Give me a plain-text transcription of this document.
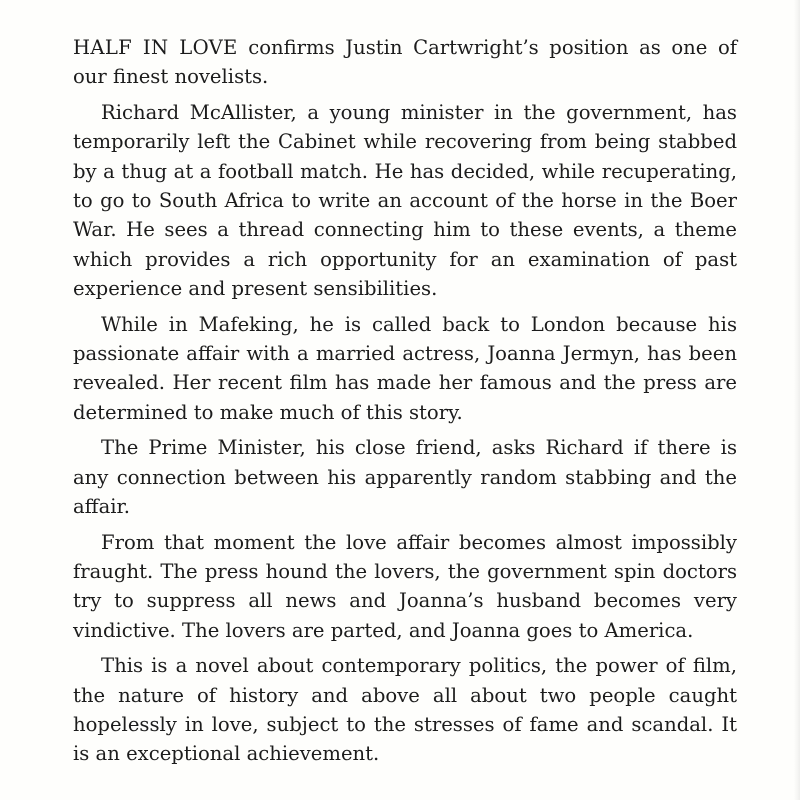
HALF IN LOVE confirms Justin Cartwright’s position as one of our finest novelists.

Richard McAllister, a young minister in the government, has temporarily left the Cabinet while recovering from being stabbed by a thug at a football match. He has decided, while recuperating, to go to South Africa to write an account of the horse in the Boer War. He sees a thread connecting him to these events, a theme which provides a rich opportunity for an examination of past experience and present sensibilities.

While in Mafeking, he is called back to London because his passionate affair with a married actress, Joanna Jermyn, has been revealed. Her recent film has made her famous and the press are determined to make much of this story.

The Prime Minister, his close friend, asks Richard if there is any connection between his apparently random stabbing and the affair.

From that moment the love affair becomes almost impossibly fraught. The press hound the lovers, the government spin doctors try to suppress all news and Joanna’s husband becomes very vindictive. The lovers are parted, and Joanna goes to America.

This is a novel about contemporary politics, the power of film, the nature of history and above all about two people caught hopelessly in love, subject to the stresses of fame and scandal. It is an exceptional achievement.
